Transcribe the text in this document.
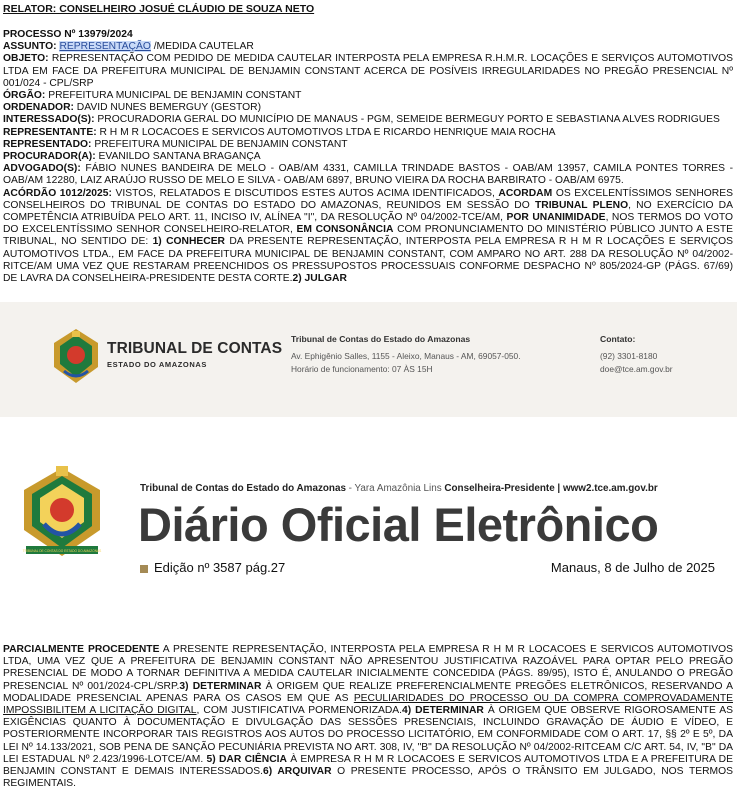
RELATOR: CONSELHEIRO JOSUÉ CLÁUDIO DE SOUZA NETO
PROCESSO Nº 13979/2024
ASSUNTO: REPRESENTAÇÃO /MEDIDA CAUTELAR
OBJETO: REPRESENTAÇÃO COM PEDIDO DE MEDIDA CAUTELAR INTERPOSTA PELA EMPRESA R.H.M.R. LOCAÇÕES E SERVIÇOS AUTOMOTIVOS LTDA EM FACE DA PREFEITURA MUNICIPAL DE BENJAMIN CONSTANT ACERCA DE POSÍVEIS IRREGULARIDADES NO PREGÃO PRESENCIAL Nº 001/024 - CPL/SRP
ÓRGÃO: PREFEITURA MUNICIPAL DE BENJAMIN CONSTANT
ORDENADOR: DAVID NUNES BEMERGUY (GESTOR)
INTERESSADO(S): PROCURADORIA GERAL DO MUNICÍPIO DE MANAUS - PGM, SEMEIDE BERMEGUY PORTO E SEBASTIANA ALVES RODRIGUES
REPRESENTANTE: R H M R LOCACOES E SERVICOS AUTOMOTIVOS LTDA E RICARDO HENRIQUE MAIA ROCHA
REPRESENTADO: PREFEITURA MUNICIPAL DE BENJAMIN CONSTANT
PROCURADOR(A): EVANILDO SANTANA BRAGANÇA
ADVOGADO(S): FÁBIO NUNES BANDEIRA DE MELO - OAB/AM 4331, CAMILLA TRINDADE BASTOS - OAB/AM 13957, CAMILA PONTES TORRES - OAB/AM 12280, LAIZ ARAÚJO RUSSO DE MELO E SILVA - OAB/AM 6897, BRUNO VIEIRA DA ROCHA BARBIRATO - OAB/AM 6975.
ACÓRDÃO 1012/2025: VISTOS, RELATADOS E DISCUTIDOS ESTES AUTOS ACIMA IDENTIFICADOS, ACORDAM OS EXCELENTÍSSIMOS SENHORES CONSELHEIROS DO TRIBUNAL DE CONTAS DO ESTADO DO AMAZONAS, REUNIDOS EM SESSÃO DO TRIBUNAL PLENO, NO EXERCÍCIO DA COMPETÊNCIA ATRIBUÍDA PELO ART. 11, INCISO IV, ALÍNEA "I", DA RESOLUÇÃO Nº 04/2002-TCE/AM, POR UNANIMIDADE, NOS TERMOS DO VOTO DO EXCELENTÍSSIMO SENHOR CONSELHEIRO-RELATOR, EM CONSONÂNCIA COM PRONUNCIAMENTO DO MINISTÉRIO PÚBLICO JUNTO A ESTE TRIBUNAL, NO SENTIDO DE: 1) CONHECER DA PRESENTE REPRESENTAÇÃO, INTERPOSTA PELA EMPRESA R H M R LOCAÇÕES E SERVIÇOS AUTOMOTIVOS LTDA., EM FACE DA PREFEITURA MUNICIPAL DE BENJAMIN CONSTANT, COM AMPARO NO ART. 288 DA RESOLUÇÃO Nº 04/2002-RITCE/AM UMA VEZ QUE RESTARAM PREENCHIDOS OS PRESSUPOSTOS PROCESSUAIS CONFORME DESPACHO Nº 805/2024-GP (PÁGS. 67/69) DE LAVRA DA CONSELHEIRA-PRESIDENTE DESTA CORTE.2) JULGAR
TRIBUNAL DE CONTAS
ESTADO DO AMAZONAS
Tribunal de Contas do Estado do Amazonas
Av. Ephigênio Salles, 1155 - Aleixo, Manaus - AM, 69057-050.
Horário de funcionamento: 07 ÀS 15H
Contato:
(92) 3301-8180
doe@tce.am.gov.br
TRIBUNAL DE CONTAS DO ESTADO DO AMAZONAS
Tribunal de Contas do Estado do Amazonas - Yara Amazônia Lins Conselheira-Presidente | www2.tce.am.gov.br
Diário Oficial Eletrônico
Edição nº 3587 pág.27	Manaus, 8 de Julho de 2025
PARCIALMENTE PROCEDENTE A PRESENTE REPRESENTAÇÃO, INTERPOSTA PELA EMPRESA R H M R LOCACOES E SERVICOS AUTOMOTIVOS LTDA, UMA VEZ QUE A PREFEITURA DE BENJAMIN CONSTANT NÃO APRESENTOU JUSTIFICATIVA RAZOÁVEL PARA OPTAR PELO PREGÃO PRESENCIAL DE MODO A TORNAR DEFINITIVA A MEDIDA CAUTELAR INICIALMENTE CONCEDIDA (PÁGS. 89/95), ISTO É, ANULANDO O PREGÃO PRESENCIAL Nº 001/2024-CPL/SRP.3) DETERMINAR À ORIGEM QUE REALIZE PREFERENCIALMENTE PREGÕES ELETRÔNICOS, RESERVANDO A MODALIDADE PRESENCIAL APENAS PARA OS CASOS EM QUE AS PECULIARIDADES DO PROCESSO OU DA COMPRA COMPROVADAMENTE IMPOSSIBILITEM A LICITAÇÃO DIGITAL, COM JUSTIFICATIVA PORMENORIZADA.4) DETERMINAR À ORIGEM QUE OBSERVE RIGOROSAMENTE AS EXIGÊNCIAS QUANTO À DOCUMENTAÇÃO E DIVULGAÇÃO DAS SESSÕES PRESENCIAIS, INCLUINDO GRAVAÇÃO DE ÁUDIO E VÍDEO, E POSTERIORMENTE INCORPORAR TAIS REGISTROS AOS AUTOS DO PROCESSO LICITATÓRIO, EM CONFORMIDADE COM O ART. 17, §§ 2º E 5º, DA LEI Nº 14.133/2021, SOB PENA DE SANÇÃO PECUNIÁRIA PREVISTA NO ART. 308, IV, "B" DA RESOLUÇÃO Nº 04/2002-RITCEAM C/C ART. 54, IV, "B" DA LEI ESTADUAL Nº 2.423/1996-LOTCE/AM. 5) DAR CIÊNCIA À EMPRESA R H M R LOCACOES E SERVICOS AUTOMOTIVOS LTDA E A PREFEITURA DE BENJAMIN CONSTANT E DEMAIS INTERESSADOS.6) ARQUIVAR O PRESENTE PROCESSO, APÓS O TRÂNSITO EM JULGADO, NOS TERMOS REGIMENTAIS.
